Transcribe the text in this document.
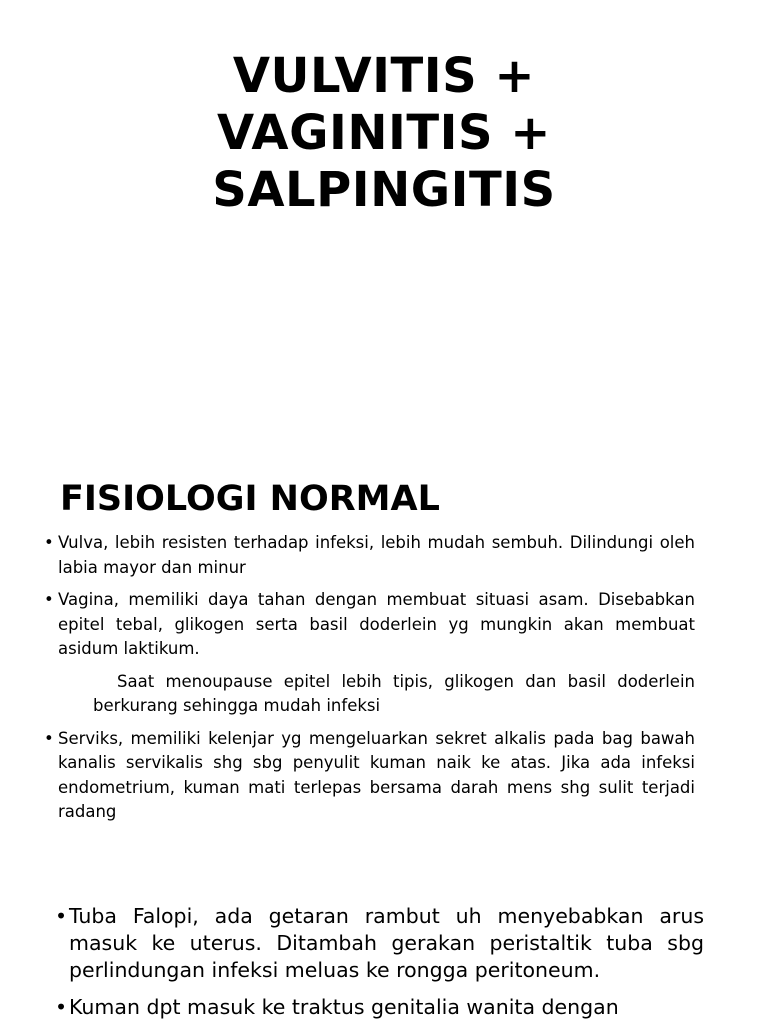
VULVITIS +
VAGINITIS +
SALPINGITIS
FISIOLOGI NORMAL
• Vulva, lebih resisten terhadap infeksi, lebih mudah sembuh. Dilindungi oleh labia mayor dan minur
• Vagina, memiliki daya tahan dengan membuat situasi asam. Disebabkan epitel tebal, glikogen serta basil doderlein yg mungkin akan membuat asidum laktikum.
Saat menoupause epitel lebih tipis, glikogen dan basil doderlein berkurang sehingga mudah infeksi
• Serviks, memiliki kelenjar yg mengeluarkan sekret alkalis pada bag bawah kanalis servikalis shg sbg penyulit kuman naik ke atas. Jika ada infeksi endometrium, kuman mati terlepas bersama darah mens shg sulit terjadi radang
• Tuba Falopi, ada getaran rambut uh menyebabkan arus masuk ke uterus. Ditambah gerakan peristaltik tuba sbg perlindungan infeksi meluas ke rongga peritoneum.
• Kuman dpt masuk ke traktus genitalia wanita dengan
